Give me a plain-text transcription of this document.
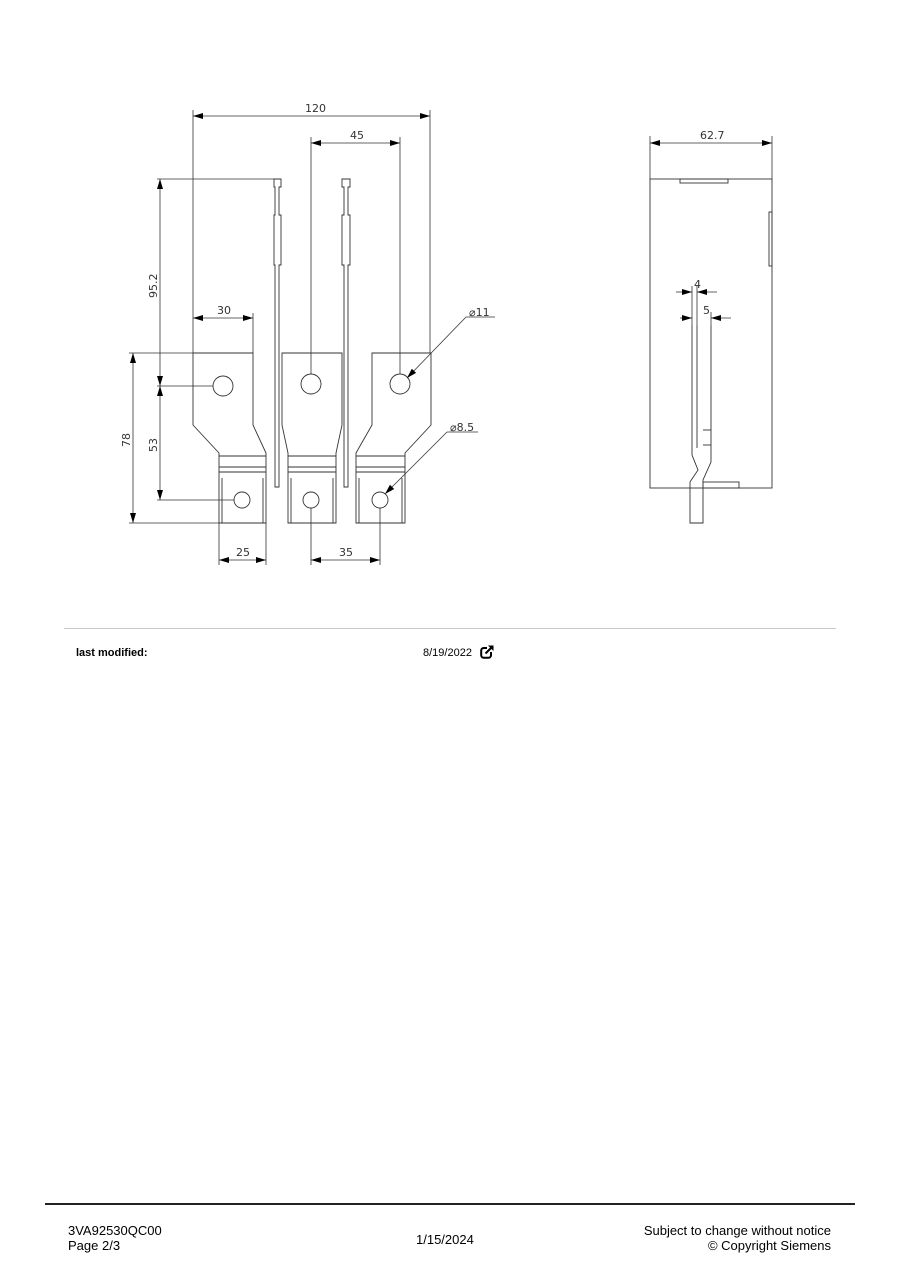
120
45
95.2
30	⌀11
⌀8.5
78 53
25	35
62.7
4
5
last modified:	8/19/2022
3VA92530QC00
Page 2/3	1/15/2024
Subject to change without notice
© Copyright Siemens
